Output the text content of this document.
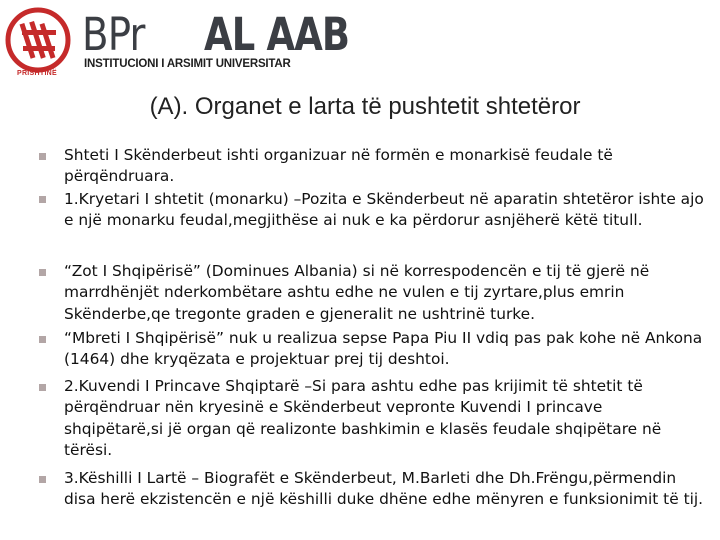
PRISHTINË
BPr AL AAB
INSTITUCIONI I ARSIMIT UNIVERSITAR
(A). Organet e larta të pushtetit shtetëror
Shteti I Skënderbeut ishti organizuar në formën e monarkisë feudale të përqëndruara.
1.Kryetari I shtetit (monarku) –Pozita e Skënderbeut në aparatin shtetëror ishte ajo e një monarku feudal,megjithëse ai nuk e ka përdorur asnjëherë këtë titull.
“Zot I Shqipërisë” (Dominues Albania) si në korrespodencën e tij të gjerë në marrdhënjët nderkombëtare ashtu edhe ne vulen e tij zyrtare,plus emrin Skënderbe,qe tregonte graden e gjeneralit ne ushtrinë turke.
“Mbreti I Shqipërisë” nuk u realizua sepse Papa Piu II vdiq pas pak kohe në Ankona (1464) dhe kryqëzata e projektuar prej tij deshtoi.
2.Kuvendi I Princave Shqiptarë –Si para ashtu edhe pas krijimit të shtetit të përqëndruar nën kryesinë e Skënderbeut vepronte Kuvendi I princave shqipëtarë,si jë organ që realizonte bashkimin e klasës feudale shqipëtare në tërësi.
3.Këshilli I Lartë – Biografët e Skënderbeut, M.Barleti dhe Dh.Frëngu,përmendin disa herë ekzistencën e një këshilli duke dhëne edhe mënyren e funksionimit të tij.
